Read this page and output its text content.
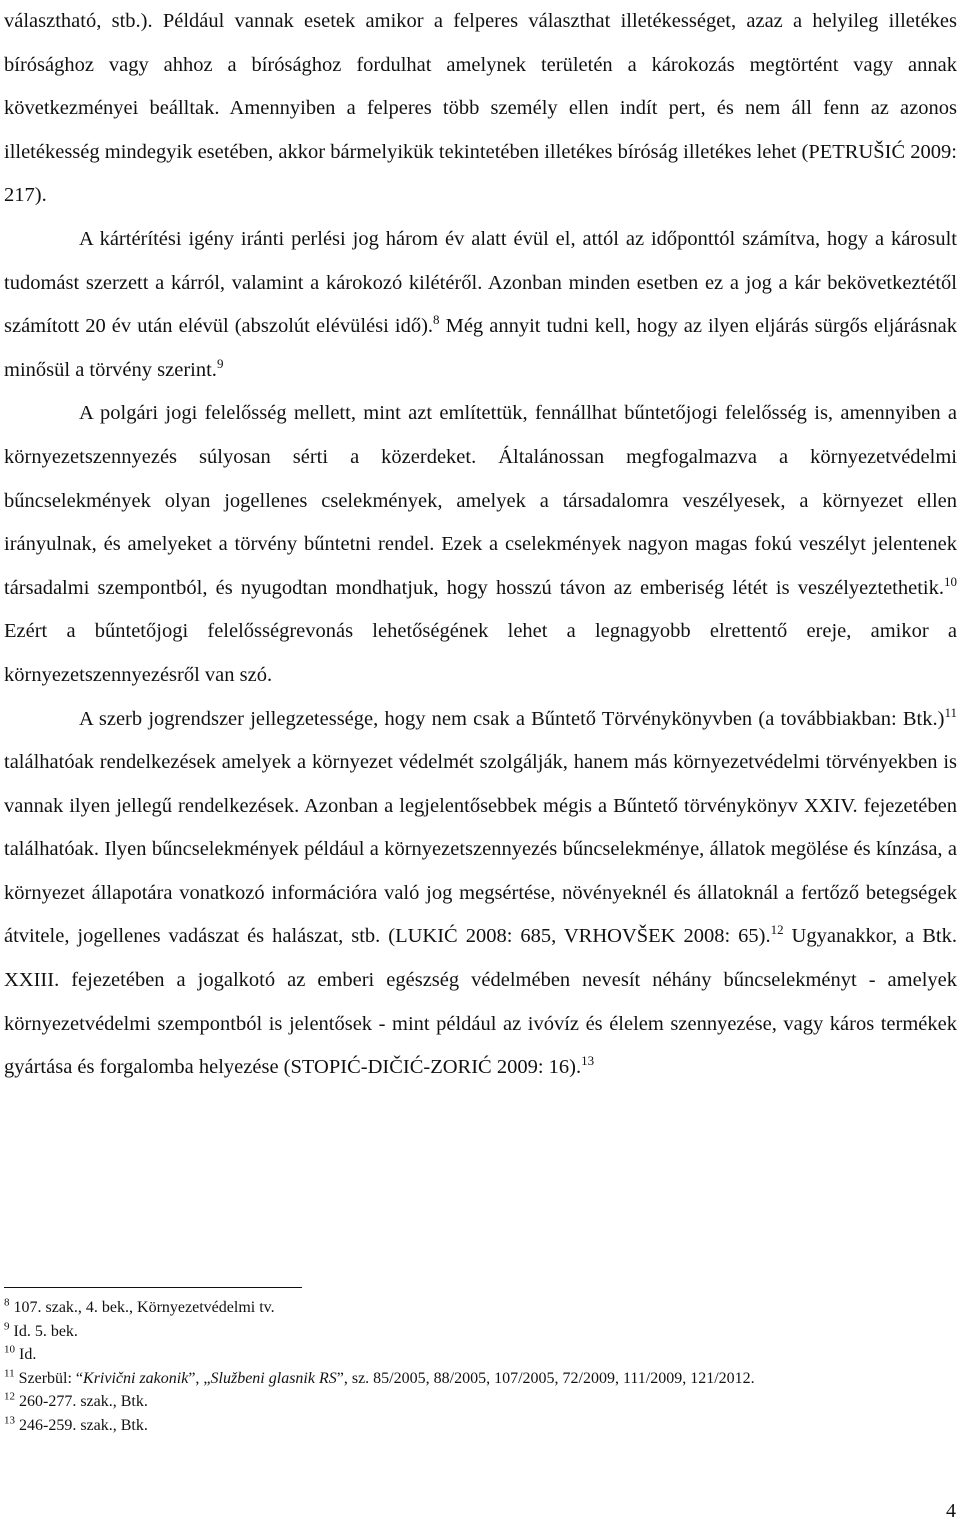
választható, stb.). Például vannak esetek amikor a felperes választhat illetékességet, azaz a helyileg illetékes bírósághoz vagy ahhoz a bírósághoz fordulhat amelynek területén a károkozás megtörtént vagy annak következményei beálltak. Amennyiben a felperes több személy ellen indít pert, és nem áll fenn az azonos illetékesség mindegyik esetében, akkor bármelyikük tekintetében illetékes bíróság illetékes lehet (PETRUŠIĆ 2009: 217).

A kártérítési igény iránti perlési jog három év alatt évül el, attól az időponttól számítva, hogy a károsult tudomást szerzett a kárról, valamint a károkozó kilétéről. Azonban minden esetben ez a jog a kár bekövetkeztétől számított 20 év után elévül (abszolút elévülési idő).$^8$ Még annyit tudni kell, hogy az ilyen eljárás sürgős eljárásnak minősül a törvény szerint.$^9$

A polgári jogi felelősség mellett, mint azt említettük, fennállhat bűntetőjogi felelősség is, amennyiben a környezetszennyezés súlyosan sérti a közerdeket. Általánossan megfogalmazva a környezetvédelmi bűncselekmények olyan jogellenes cselekmények, amelyek a társadalomra veszélyesek, a környezet ellen irányulnak, és amelyeket a törvény bűntetni rendel. Ezek a cselekmények nagyon magas fokú veszélyt jelentenek társadalmi szempontból, és nyugodtan mondhatjuk, hogy hosszú távon az emberiség létét is veszélyeztethetik.$^{10}$ Ezért a bűntetőjogi felelősségrevonás lehetőségének lehet a legnagyobb elrettentő ereje, amikor a környezetszennyezésről van szó.

A szerb jogrendszer jellegzetessége, hogy nem csak a Bűntető Törvénykönyvben (a továbbiakban: Btk.)$^{11}$ találhatóak rendelkezések amelyek a környezet védelmét szolgálják, hanem más környezetvédelmi törvényekben is vannak ilyen jellegű rendelkezések. Azonban a legjelentősebbek mégis a Bűntető törvénykönyv XXIV. fejezetében találhatóak. Ilyen bűncselekmények például a környezetszennyezés bűncselekménye, állatok megölése és kínzása, a környezet állapotára vonatkozó információra való jog megsértése, növényeknél és állatoknál a fertőző betegségek átvitele, jogellenes vadászat és halászat, stb. (LUKIĆ 2008: 685, VRHOVŠEK 2008: 65).$^{12}$ Ugyanakkor, a Btk. XXIII. fejezetében a jogalkotó az emberi egészség védelmében nevesít néhány bűncselekményt - amelyek környezetvédelmi szempontból is jelentősek - mint például az ivóvíz és élelem szennyezése, vagy káros termékek gyártása és forgalomba helyezése (STOPIĆ-DIČIĆ-ZORIĆ 2009: 16).$^{13}$

$^8$ 107. szak., 4. bek., Környezetvédelmi tv.

$^9$ Id. 5. bek.

$^{10}$ Id.

$^{11}$ Szerbül: “Krivični zakonik”, „Službeni glasnik RS”, sz. 85/2005, 88/2005, 107/2005, 72/2009, 111/2009, 121/2012.

$^{12}$ 260-277. szak., Btk.

$^{13}$ 246-259. szak., Btk.

4
